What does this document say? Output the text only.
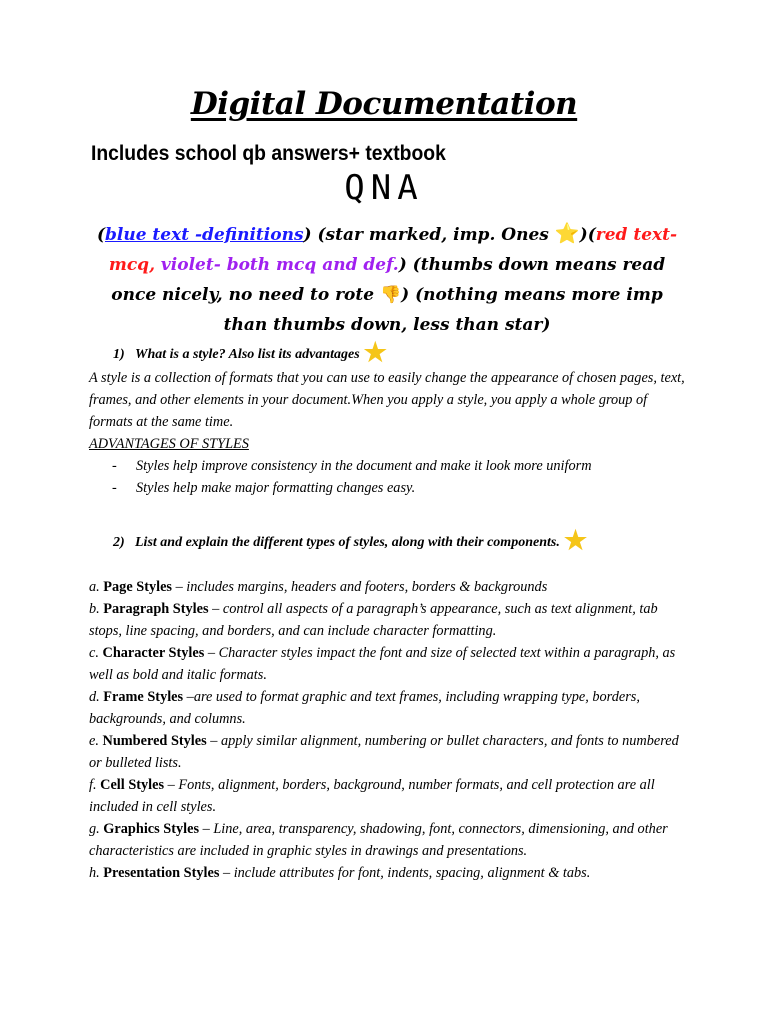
Digital Documentation
Includes school qb answers+ textbook
QNA
(blue text -definitions) (star marked, imp. Ones ⭐)(red text- mcq, violet- both mcq and def.) (thumbs down means read once nicely, no need to rote 👎) (nothing means more imp than thumbs down, less than star)
1) What is a style? Also list its advantages ★
A style is a collection of formats that you can use to easily change the appearance of chosen pages, text, frames, and other elements in your document.When you apply a style, you apply a whole group of formats at the same time.
ADVANTAGES OF STYLES
- Styles help improve consistency in the document and make it look more uniform
- Styles help make major formatting changes easy.
2) List and explain the different types of styles, along with their components. ★

a. Page Styles – includes margins, headers and footers, borders & backgrounds

b. Paragraph Styles – control all aspects of a paragraph’s appearance, such as text alignment, tab stops, line spacing, and borders, and can include character formatting.

c. Character Styles – Character styles impact the font and size of selected text within a paragraph, as well as bold and italic formats.

d. Frame Styles –are used to format graphic and text frames, including wrapping type, borders, backgrounds, and columns.

e. Numbered Styles – apply similar alignment, numbering or bullet characters, and fonts to numbered or bulleted lists.

f. Cell Styles – Fonts, alignment, borders, background, number formats, and cell protection are all included in cell styles.

g. Graphics Styles – Line, area, transparency, shadowing, font, connectors, dimensioning, and other characteristics are included in graphic styles in drawings and presentations.

h. Presentation Styles – include attributes for font, indents, spacing, alignment & tabs.
